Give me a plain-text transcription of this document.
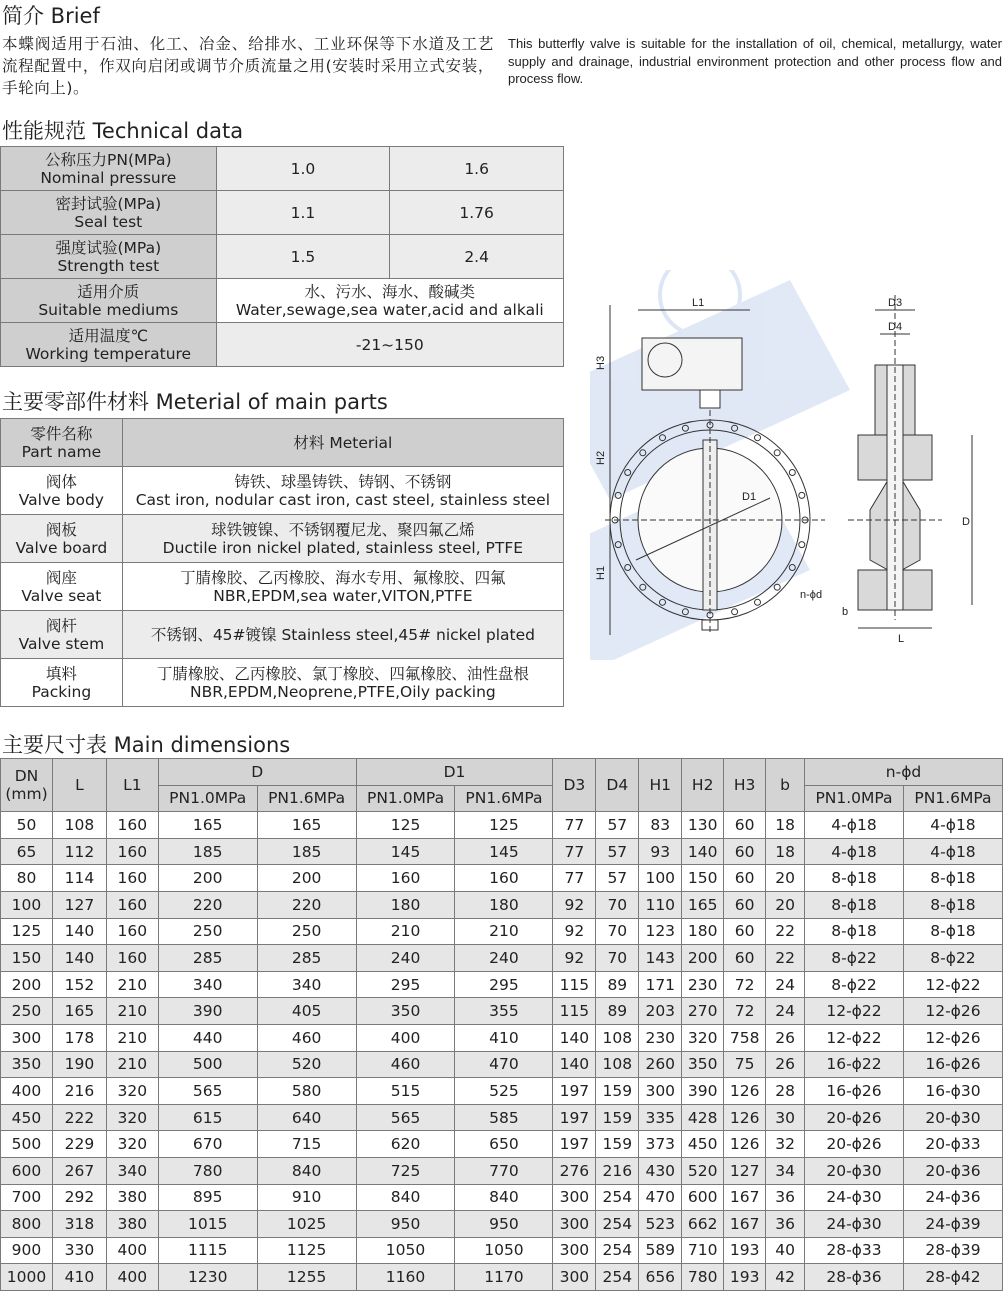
简介 Brief
本蝶阀适用于石油、化工、冶金、给排水、工业环保等下水道及工艺流程配置中，作双向启闭或调节介质流量之用(安装时采用立式安装，手轮向上)。
This butterfly valve is suitable for the installation of oil, chemical, metallurgy, water supply and drainage, industrial environment protection and other process flow and process flow.
性能规范 Technical data
公称压力PN(MPa)
Nominal pressure	1.0	1.6

密封试验(MPa)
Seal test	1.1	1.76

强度试验(MPa)
Strength test	1.5	2.4

适用介质
Suitable mediums	水、污水、海水、酸碱类
Water,sewage,sea water,acid and alkali	

适用温度℃
Working temperature	-21~150	
主要零部件材料 Meterial of main parts
零件名称
Part name	材料 Meterial

阀体
Valve body	铸铁、球墨铸铁、铸钢、不锈钢
Cast iron, nodular cast iron, cast steel, stainless steel

阀板
Valve board	球铁镀镍、不锈钢覆尼龙、聚四氟乙烯
Ductile iron nickel plated, stainless steel, PTFE

阀座
Valve seat	丁腈橡胶、乙丙橡胶、海水专用、氟橡胶、四氟
NBR,EPDM,sea water,VITON,PTFE

阀杆
Valve stem	不锈钢、45#镀镍 Stainless steel,45# nickel plated

填料
Packing	丁腈橡胶、乙丙橡胶、氯丁橡胶、四氟橡胶、油性盘根
NBR,EPDM,Neoprene,PTFE,Oily packing
L1
H3
H2
H1
D1
n-ϕd
D3
D4
D
b
L
主要尺寸表 Main dimensions
DN
(mm)	L	L1	D		D1		D3	D4	H1	H2	H3	b	n-ϕd	
			PN1.0MPa	PN1.6MPa	PN1.0MPa	PN1.6MPa							PN1.0MPa	PN1.6MPa
50	108	160	165	165	125	125	77	57	83	130	60	18	4-ϕ18	4-ϕ18
65	112	160	185	185	145	145	77	57	93	140	60	18	4-ϕ18	4-ϕ18
80	114	160	200	200	160	160	77	57	100	150	60	20	8-ϕ18	8-ϕ18
100	127	160	220	220	180	180	92	70	110	165	60	20	8-ϕ18	8-ϕ18
125	140	160	250	250	210	210	92	70	123	180	60	22	8-ϕ18	8-ϕ18
150	140	160	285	285	240	240	92	70	143	200	60	22	8-ϕ22	8-ϕ22
200	152	210	340	340	295	295	115	89	171	230	72	24	8-ϕ22	12-ϕ22
250	165	210	390	405	350	355	115	89	203	270	72	24	12-ϕ22	12-ϕ26
300	178	210	440	460	400	410	140	108	230	320	758	26	12-ϕ22	12-ϕ26
350	190	210	500	520	460	470	140	108	260	350	75	26	16-ϕ22	16-ϕ26
400	216	320	565	580	515	525	197	159	300	390	126	28	16-ϕ26	16-ϕ30
450	222	320	615	640	565	585	197	159	335	428	126	30	20-ϕ26	20-ϕ30
500	229	320	670	715	620	650	197	159	373	450	126	32	20-ϕ26	20-ϕ33
600	267	340	780	840	725	770	276	216	430	520	127	34	20-ϕ30	20-ϕ36
700	292	380	895	910	840	840	300	254	470	600	167	36	24-ϕ30	24-ϕ36
800	318	380	1015	1025	950	950	300	254	523	662	167	36	24-ϕ30	24-ϕ39
900	330	400	1115	1125	1050	1050	300	254	589	710	193	40	28-ϕ33	28-ϕ39
1000	410	400	1230	1255	1160	1170	300	254	656	780	193	42	28-ϕ36	28-ϕ42
